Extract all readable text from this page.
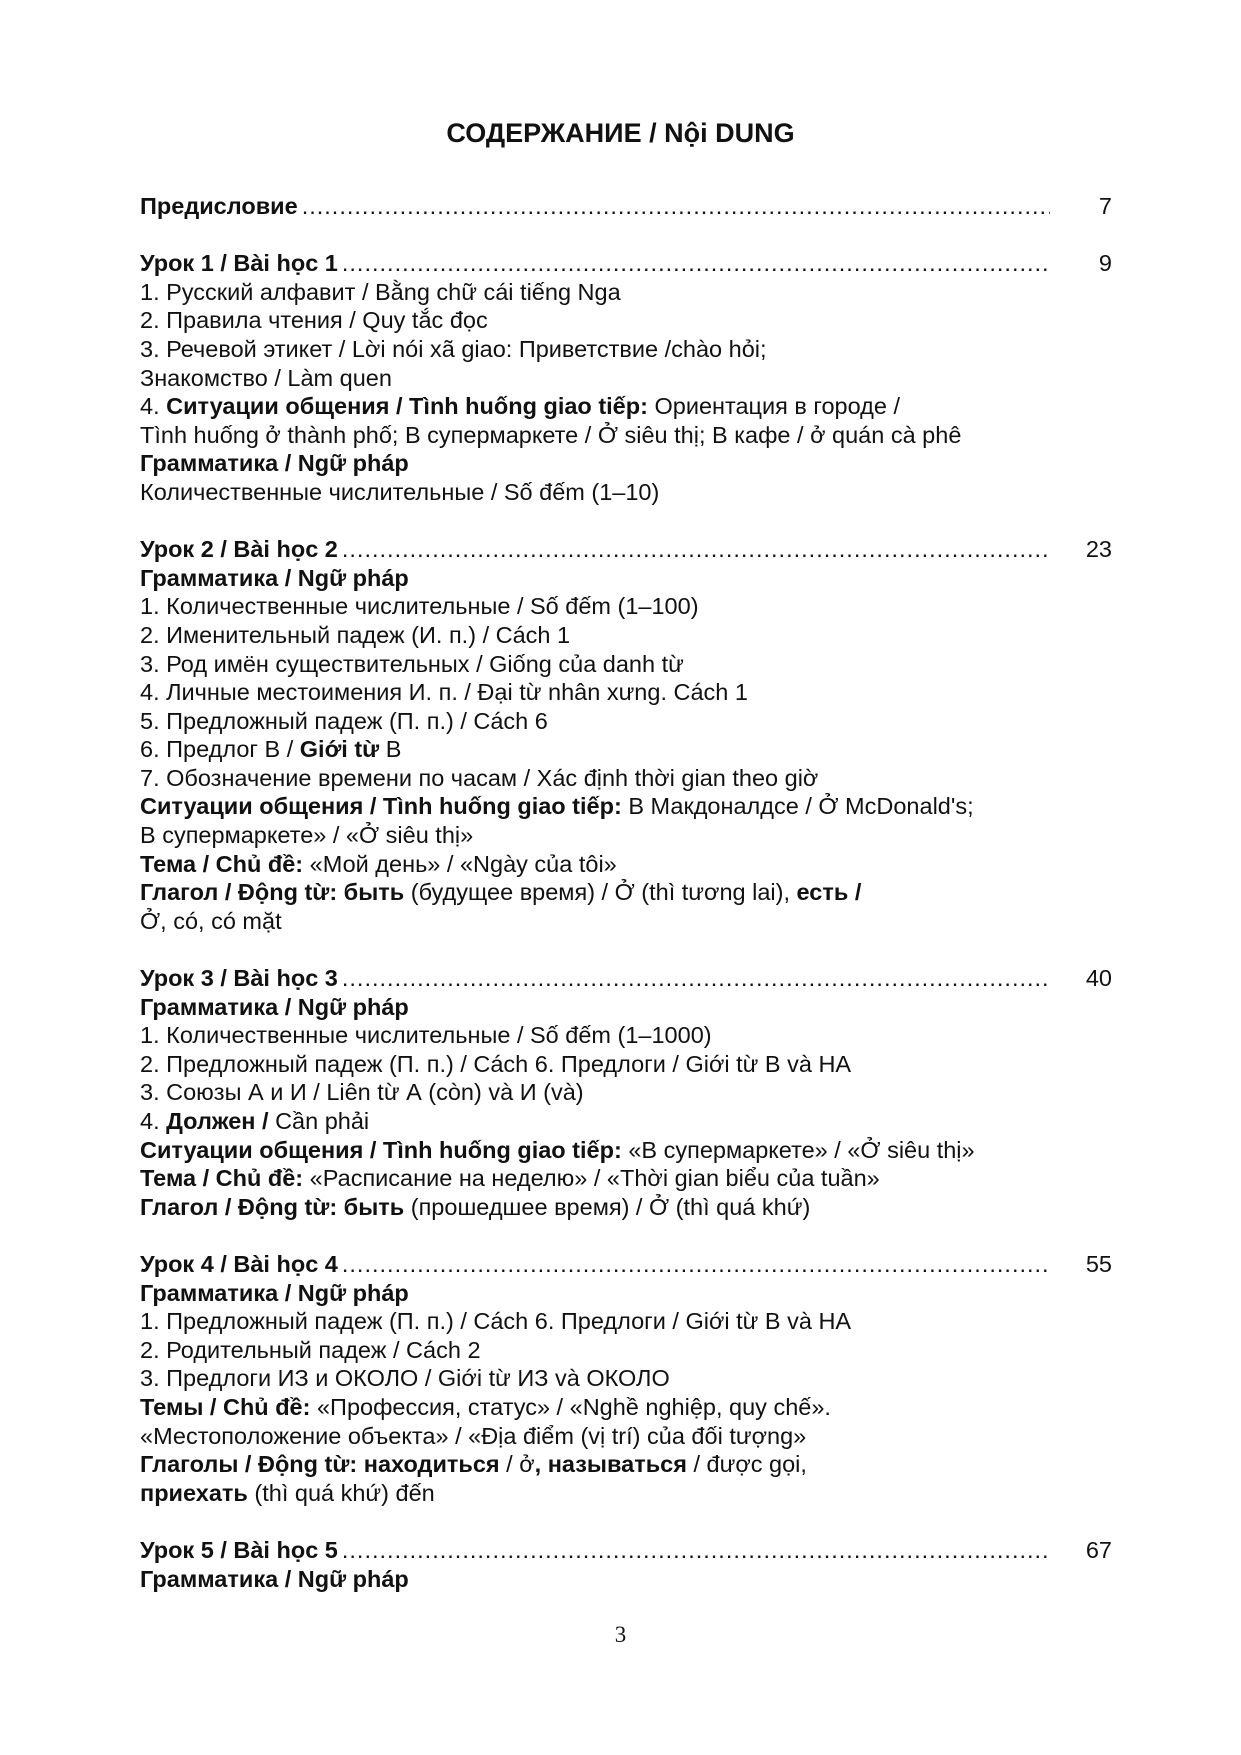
СОДЕРЖАНИЕ / Nội DUNG
Предисловие .....	7
Урок 1 / Bài học 1 .....	9
1. Русский алфавит / Bằng chữ cái tiếng Nga
2. Правила чтения / Quy tắc đọc
3. Речевой этикет / Lời nói xã giao: Приветствие /chào hỏi;
Знакомство / Làm quen
4. Ситуации общения / Tình huống giao tiếp: Ориентация в городе /
Tình huống ở thành phố; В супермаркете / Ở siêu thị; В кафе / ở quán cà phê
Грамматика / Ngữ pháp
Количественные числительные / Số đếm (1–10)
Урок 2 / Bài học 2 .....	23
Грамматика / Ngữ pháp
1. Количественные числительные / Số đếm (1–100)
2. Именительный падеж (И. п.) / Cách 1
3. Род имён существительных / Giống của danh từ
4. Личные местоимения И. п. / Đại từ nhân xưng. Cách 1
5. Предложный падеж (П. п.) / Cách 6
6. Предлог В / Giới từ В
7. Обозначение времени по часам / Xác định thời gian theo giờ
Ситуации общения / Tình huống giao tiếp: В Макдоналдсе / Ở McDonald's;
В супермаркете» / «Ở siêu thị»
Тема / Chủ đề: «Мой день» / «Ngày của tôi»
Глагол / Động từ: быть (будущее время) / Ở (thì tương lai), есть /
Ở, có, có mặt
Урок 3 / Bài học 3 .....	40
Грамматика / Ngữ pháp
1. Количественные числительные / Số đếm (1–1000)
2. Предложный падеж (П. п.) / Cách 6. Предлоги / Giới từ В và НА
3. Союзы А и И / Liên từ А (còn) và И (và)
4. Должен / Cần phải
Ситуации общения / Tình huống giao tiếp: «В супермаркете» / «Ở siêu thị»
Тема / Chủ đề: «Расписание на неделю» / «Thời gian biểu của tuần»
Глагол / Động từ: быть (прошедшее время) / Ở (thì quá khứ)
Урок 4 / Bài học 4 .....	55
Грамматика / Ngữ pháp
1. Предложный падеж (П. п.) / Cách 6. Предлоги / Giới từ В và НА
2. Родительный падеж / Cách 2
3. Предлоги ИЗ и ОКОЛО / Giới từ ИЗ và ОКОЛО
Темы / Chủ đề: «Профессия, статус» / «Nghề nghiệp, quy chế».
«Местоположение объекта» / «Địa điểm (vị trí) của đối tượng»
Глаголы / Động từ: находиться / ở, называться / được gọi,
приехать (thì quá khứ) đến
Урок 5 / Bài học 5 .....	67
Грамматика / Ngữ pháp
3
